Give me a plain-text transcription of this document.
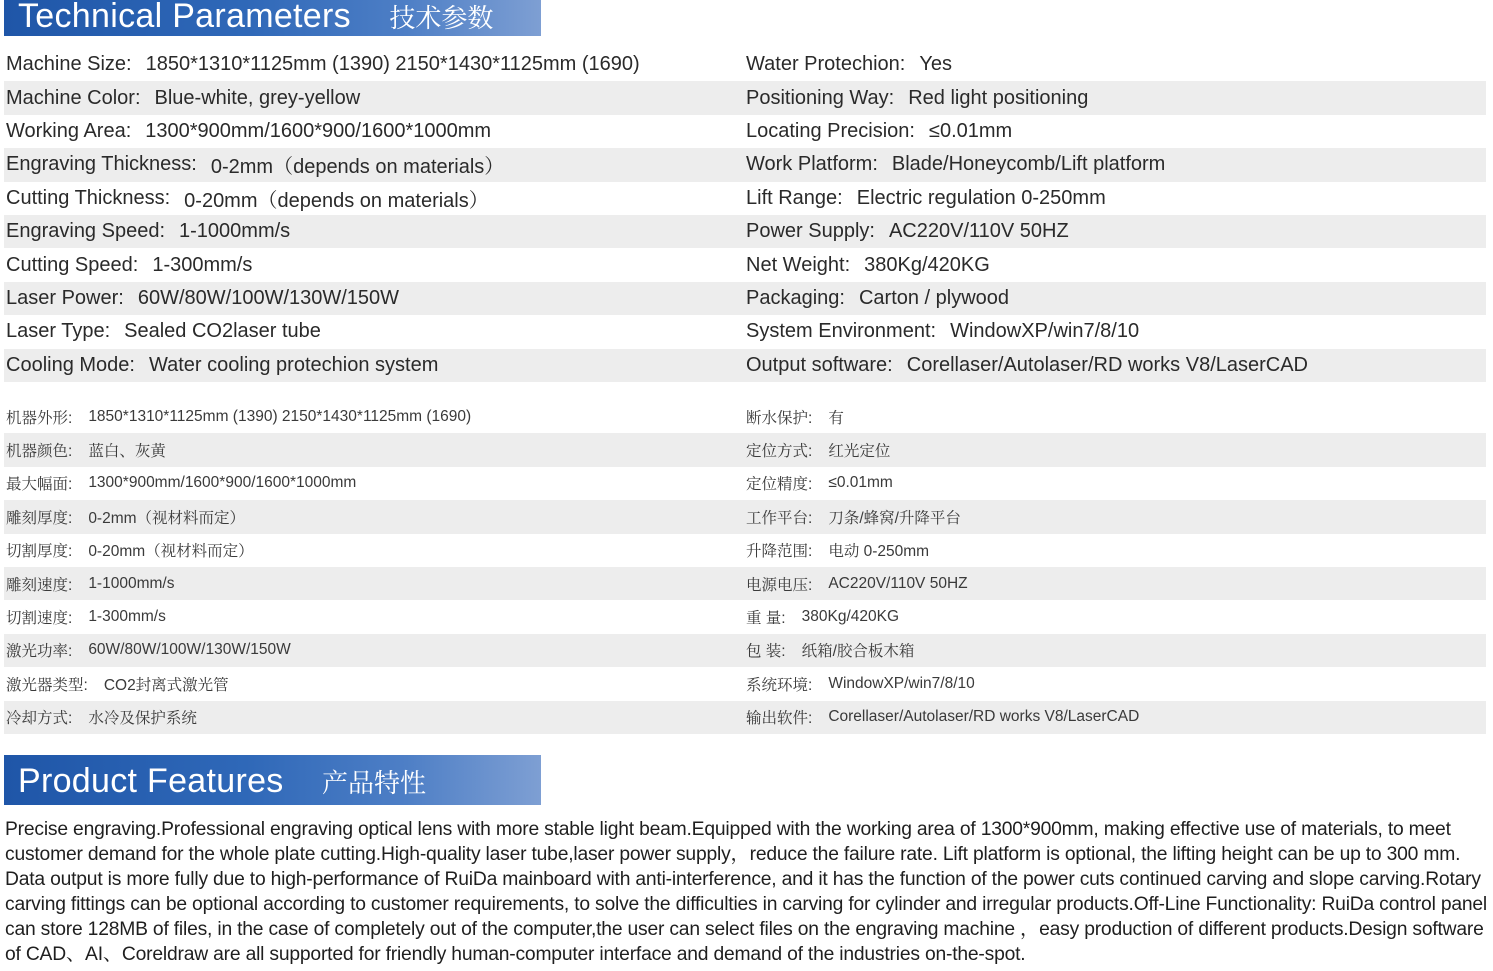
Technical Parameters 技术参数
Machine Size: 1850*1310*1125mm (1390) 2150*1430*1125mm (1690)	Water Protechion: Yes
Machine Color: Blue-white, grey-yellow	Positioning Way: Red light positioning
Working Area: 1300*900mm/1600*900/1600*1000mm	Locating Precision: ≤0.01mm
Engraving Thickness: 0-2mm（depends on materials）	Work Platform: Blade/Honeycomb/Lift platform
Cutting Thickness: 0-20mm（depends on materials）	Lift Range: Electric regulation 0-250mm
Engraving Speed: 1-1000mm/s	Power Supply: AC220V/110V 50HZ
Cutting Speed: 1-300mm/s	Net Weight: 380Kg/420KG
Laser Power: 60W/80W/100W/130W/150W	Packaging: Carton / plywood
Laser Type: Sealed CO2laser tube	System Environment: WindowXP/win7/8/10
Cooling Mode: Water cooling protechion system	Output software: Corellaser/Autolaser/RD works V8/LaserCAD
机器外形: 1850*1310*1125mm (1390) 2150*1430*1125mm (1690)	断水保护: 有
机器颜色: 蓝白、灰黄	定位方式: 红光定位
最大幅面: 1300*900mm/1600*900/1600*1000mm	定位精度: ≤0.01mm
雕刻厚度: 0-2mm（视材料而定）	工作平台: 刀条/蜂窝/升降平台
切割厚度: 0-20mm（视材料而定）	升降范围: 电动 0-250mm
雕刻速度: 1-1000mm/s	电源电压: AC220V/110V 50HZ
切割速度: 1-300mm/s	重 量: 380Kg/420KG
激光功率: 60W/80W/100W/130W/150W	包 装: 纸箱/胶合板木箱
激光器类型: CO2封离式激光管	系统环境: WindowXP/win7/8/10
冷却方式: 水冷及保护系统	输出软件: Corellaser/Autolaser/RD works V8/LaserCAD
Product Features 产品特性
Precise engraving.Professional engraving optical lens with more stable light beam.Equipped with the working area of 1300*900mm, making effective use of materials, to meet customer demand for the whole plate cutting.High-quality laser tube,laser power supply，reduce the failure rate. Lift platform is optional, the lifting height can be up to 300 mm. Data output is more fully due to high-performance of RuiDa mainboard with anti-interference, and it has the function of the power cuts continued carving and slope carving.Rotary carving fittings can be optional according to customer requirements, to solve the difficulties in carving for cylinder and irregular products.Off-Line Functionality: RuiDa control panel can store 128MB of files, in the case of completely out of the computer,the user can select files on the engraving machine ，easy production of different products.Design software of CAD、AI、Coreldraw are all supported for friendly human-computer interface and demand of the industries on-the-spot.
